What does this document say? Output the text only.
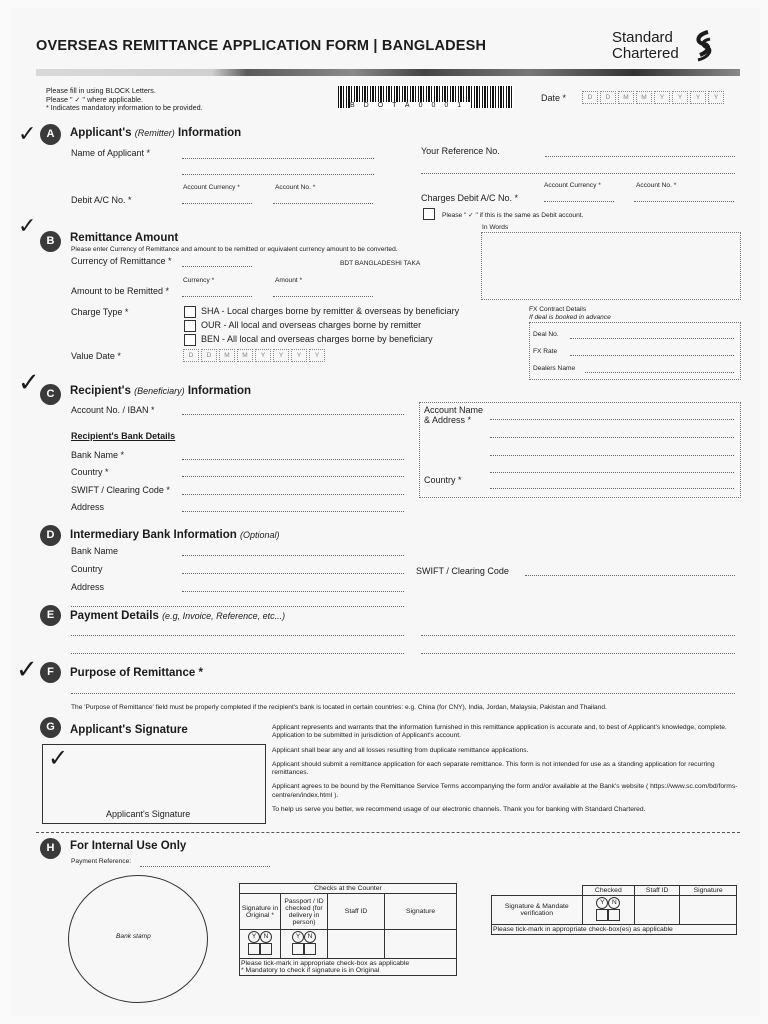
OVERSEAS REMITTANCE APPLICATION FORM | BANGLADESH	Standard
Chartered
Please fill in using BLOCK Letters.
Please " ✓ " where applicable.
* Indicates mandatory information to be provided.	BDOTA0001
Date *	D	D	M	M	Y	Y	Y	Y
✓ A	Applicant's (Remitter) Information
Name of Applicant *	Your Reference No.
Account Currency *	Account No. *	Account Currency *	Account No. *
Debit A/C No. *	Charges Debit A/C No. *
Please " ✓ " if this is the same as Debit account.
✓
B	Remittance Amount
Please enter Currency of Remittance and amount to be remitted or equivalent currency amount to be converted.
Currency of Remittance *	BDT BANGLADESHI TAKA
In Words
Currency *	Amount *
Amount to be Remitted *
Charge Type *	SHA - Local charges borne by remitter & overseas by beneficiary
OUR - All local and overseas charges borne by remitter
BEN - All local and overseas charges borne by beneficiary
Value Date *	D	D	M	M	Y	Y	Y	Y
FX Contract Details
If deal is booked in advance
Deal No.
FX Rate
Dealers Name
✓ C	Recipient's (Beneficiary) Information
Account No. / IBAN *	Account Name
& Address *
Country *
Recipient's Bank Details
Bank Name *
Country *
SWIFT / Clearing Code *
Address
D	Intermediary Bank Information (Optional)
Bank Name
Country
Address
SWIFT / Clearing Code
E	Payment Details (e.g, Invoice, Reference, etc...)
✓ F	Purpose of Remittance *
The 'Purpose of Remittance' field must be properly completed if the recipient's bank is located in certain countries: e.g. China (for CNY), India, Jordan, Malaysia, Pakistan and Thailand.
G	Applicant's Signature
✓
Applicant's Signature
Applicant represents and warrants that the information furnished in this remittance application is accurate and, to best of Applicant's knowledge, complete. Application to be submitted in jurisdiction of Applicant's account.
Applicant shall bear any and all losses resulting from duplicate remittance applications.
Applicant should submit a remittance application for each separate remittance. This form is not intended for use as a standing application for recurring remittances.
Applicant agrees to be bound by the Remittance Service Terms accompanying the form and/or available at the Bank's website ( https://www.sc.com/bd/forms-centre/en/index.html ).
To help us serve you better, we recommend usage of our electronic channels. Thank you for banking with Standard Chartered.
H	For Internal Use Only
Payment Reference:
Bank stamp
Checks at the Counter			
Signature in Original *	Passport / ID checked (for delivery in person)	Staff ID	Signature
Y N	Y N

Please tick-mark in appropriate check-box as applicable
* Mandatory to check if signature is in Original			
	Checked	Staff ID	Signature
Signature & Mandate verification	Y N

Please tick-mark in appropriate check-box(es) as applicable			
